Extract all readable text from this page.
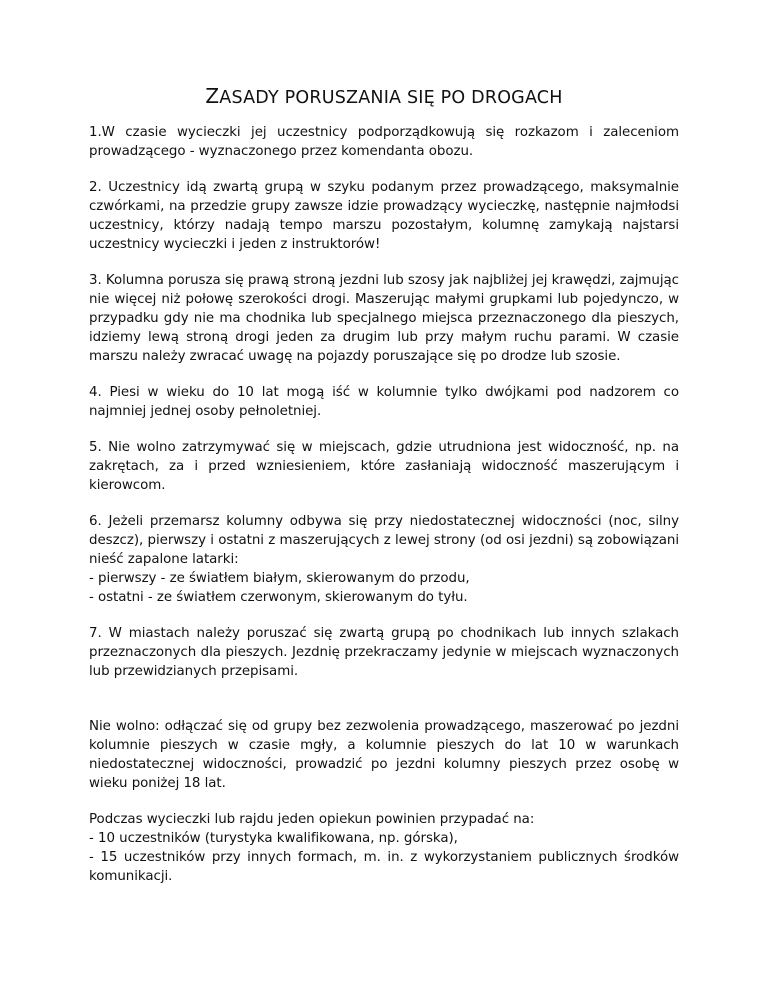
ZASADY PORUSZANIA SIĘ PO DROGACH

1.W czasie wycieczki jej uczestnicy podporządkowują się rozkazom i zaleceniom prowadzącego - wyznaczonego przez komendanta obozu.

2. Uczestnicy idą zwartą grupą w szyku podanym przez prowadzącego, maksymalnie czwórkami, na przedzie grupy zawsze idzie prowadzący wycieczkę, następnie najmłodsi uczestnicy, którzy nadają tempo marszu pozostałym, kolumnę zamykają najstarsi uczestnicy wycieczki i jeden z instruktorów!

3. Kolumna porusza się prawą stroną jezdni lub szosy jak najbliżej jej krawędzi, zajmując nie więcej niż połowę szerokości drogi. Maszerując małymi grupkami lub pojedynczo, w przypadku gdy nie ma chodnika lub specjalnego miejsca przeznaczonego dla pieszych, idziemy lewą stroną drogi jeden za drugim lub przy małym ruchu parami. W czasie marszu należy zwracać uwagę na pojazdy poruszające się po drodze lub szosie.

4. Piesi w wieku do 10 lat mogą iść w kolumnie tylko dwójkami pod nadzorem co najmniej jednej osoby pełnoletniej.

5. Nie wolno zatrzymywać się w miejscach, gdzie utrudniona jest widoczność, np. na zakrętach, za i przed wzniesieniem, które zasłaniają widoczność maszerującym i kierowcom.

6. Jeżeli przemarsz kolumny odbywa się przy niedostatecznej widoczności (noc, silny deszcz), pierwszy i ostatni z maszerujących z lewej strony (od osi jezdni) są zobowiązani nieść zapalone latarki:
- pierwszy - ze światłem białym, skierowanym do przodu,
- ostatni - ze światłem czerwonym, skierowanym do tyłu.

7. W miastach należy poruszać się zwartą grupą po chodnikach lub innych szlakach przeznaczonych dla pieszych. Jezdnię przekraczamy jedynie w miejscach wyznaczonych lub przewidzianych przepisami.

Nie wolno: odłączać się od grupy bez zezwolenia prowadzącego, maszerować po jezdni kolumnie pieszych w czasie mgły, a kolumnie pieszych do lat 10 w warunkach niedostatecznej widoczności, prowadzić po jezdni kolumny pieszych przez osobę w wieku poniżej 18 lat.

Podczas wycieczki lub rajdu jeden opiekun powinien przypadać na:
- 10 uczestników (turystyka kwalifikowana, np. górska),
- 15 uczestników przy innych formach, m. in. z wykorzystaniem publicznych środków komunikacji.
